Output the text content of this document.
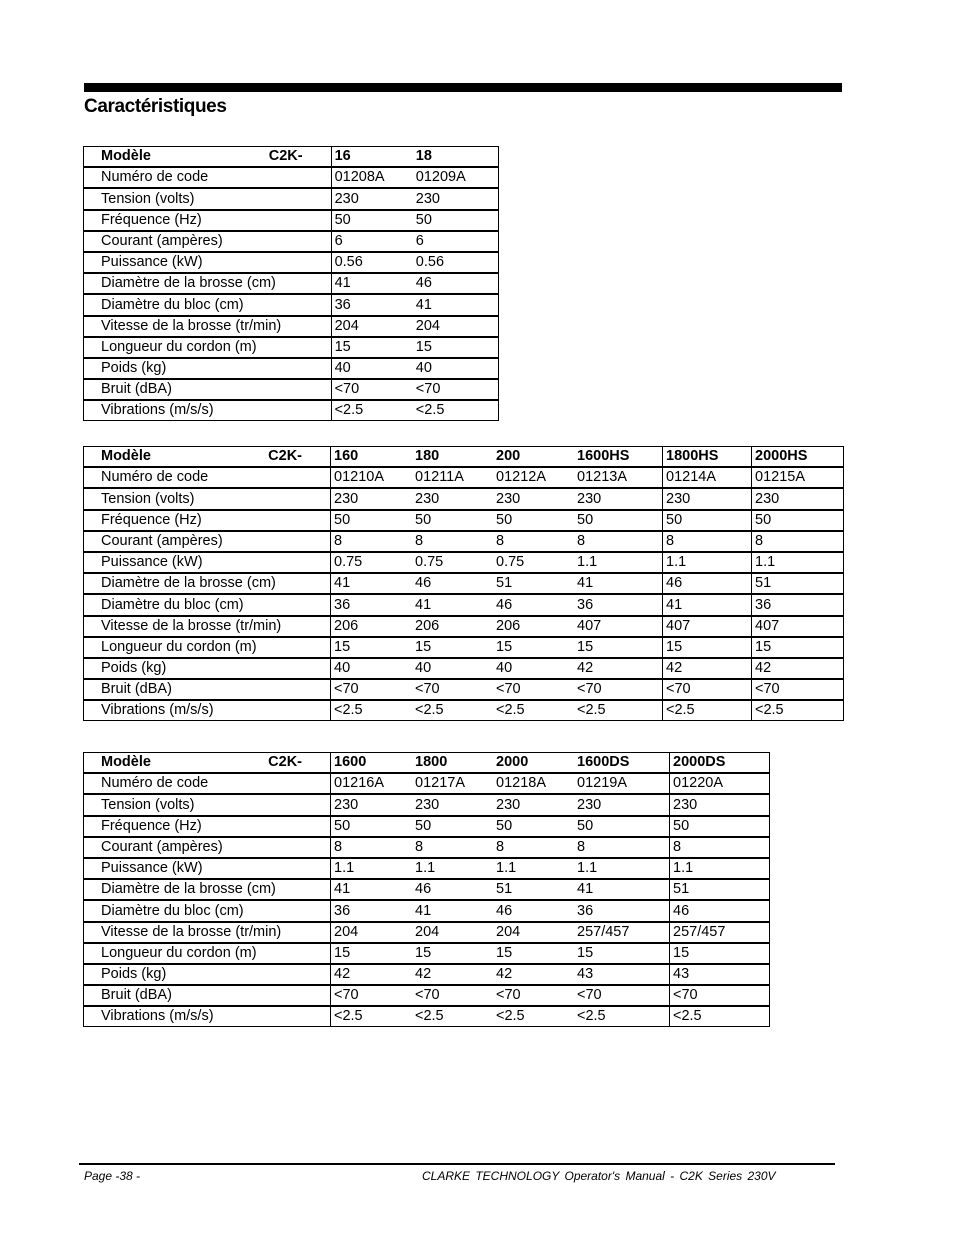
Caractéristiques
Modèle C2K-	16	18
Numéro de code	01208A	01209A
Tension (volts)	230	230
Fréquence (Hz)	50	50
Courant (ampères)	6	6
Puissance (kW)	0.56	0.56
Diamètre de la brosse (cm)	41	46
Diamètre du bloc (cm)	36	41
Vitesse de la brosse (tr/min)	204	204
Longueur du cordon (m)	15	15
Poids (kg)	40	40
Bruit (dBA)	<70	<70
Vibrations (m/s/s)	<2.5	<2.5
Modèle C2K-	160	180	200	1600HS	1800HS	2000HS
Numéro de code	01210A	01211A	01212A	01213A	01214A	01215A
Tension (volts)	230	230	230	230	230	230
Fréquence (Hz)	50	50	50	50	50	50
Courant (ampères)	8	8	8	8	8	8
Puissance (kW)	0.75	0.75	0.75	1.1	1.1	1.1
Diamètre de la brosse (cm)	41	46	51	41	46	51
Diamètre du bloc (cm)	36	41	46	36	41	36
Vitesse de la brosse (tr/min)	206	206	206	407	407	407
Longueur du cordon (m)	15	15	15	15	15	15
Poids (kg)	40	40	40	42	42	42
Bruit (dBA)	<70	<70	<70	<70	<70	<70
Vibrations (m/s/s)	<2.5	<2.5	<2.5	<2.5	<2.5	<2.5
Modèle C2K-	1600	1800	2000	1600DS	2000DS
Numéro de code	01216A	01217A	01218A	01219A	01220A
Tension (volts)	230	230	230	230	230
Fréquence (Hz)	50	50	50	50	50
Courant (ampères)	8	8	8	8	8
Puissance (kW)	1.1	1.1	1.1	1.1	1.1
Diamètre de la brosse (cm)	41	46	51	41	51
Diamètre du bloc (cm)	36	41	46	36	46
Vitesse de la brosse (tr/min)	204	204	204	257/457	257/457
Longueur du cordon (m)	15	15	15	15	15
Poids (kg)	42	42	42	43	43
Bruit (dBA)	<70	<70	<70	<70	<70
Vibrations (m/s/s)	<2.5	<2.5	<2.5	<2.5	<2.5
Page -38 -	CLARKE TECHNOLOGY Operator's Manual - C2K Series 230V
